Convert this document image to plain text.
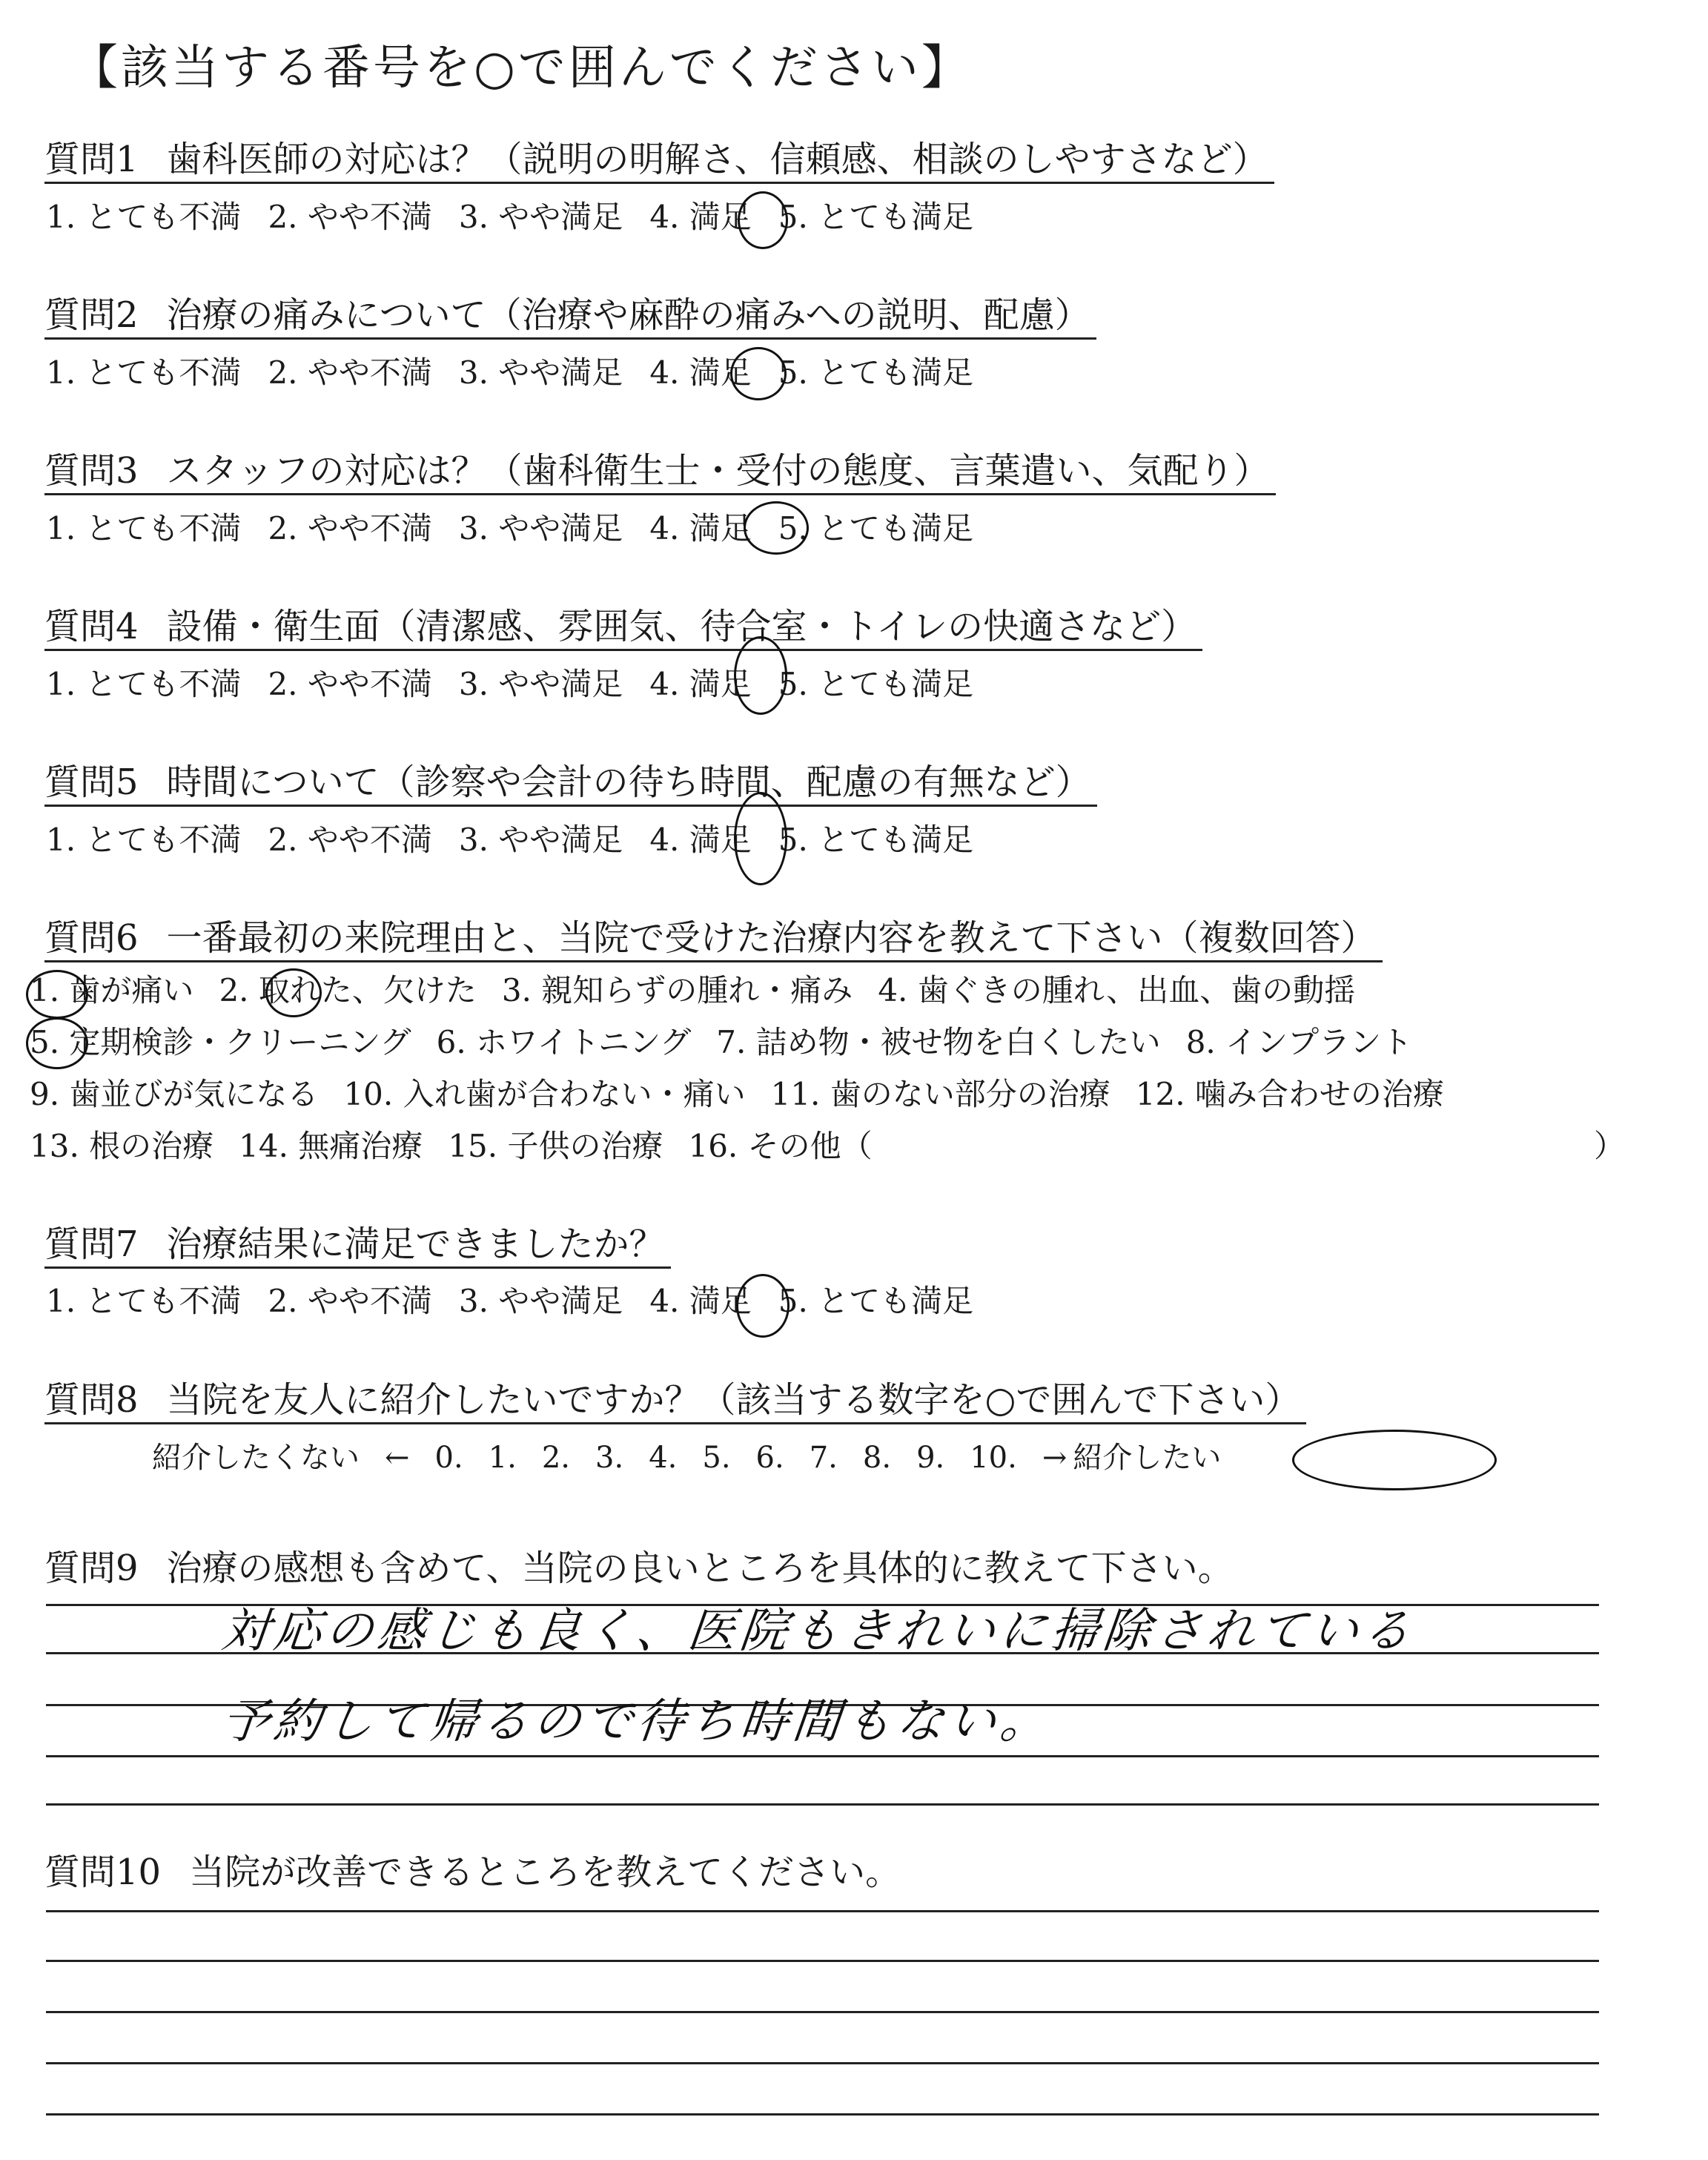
【該当する番号を○で囲んでください】
質問1 歯科医師の対応は？（説明の明解さ、信頼感、相談のしやすさなど）
1. とても不満 2. やや不満 3. やや満足 4. 満足 5. とても満足
質問2 治療の痛みについて（治療や麻酔の痛みへの説明、配慮）
1. とても不満 2. やや不満 3. やや満足 4. 満足 5. とても満足
質問3 スタッフの対応は？（歯科衛生士・受付の態度、言葉遣い、気配り）
1. とても不満 2. やや不満 3. やや満足 4. 満足 5. とても満足
質問4 設備・衛生面（清潔感、雰囲気、待合室・トイレの快適さなど）
1. とても不満 2. やや不満 3. やや満足 4. 満足 5. とても満足
質問5 時間について（診察や会計の待ち時間、配慮の有無など）
1. とても不満 2. やや不満 3. やや満足 4. 満足 5. とても満足
質問6 一番最初の来院理由と、当院で受けた治療内容を教えて下さい（複数回答）
1. 歯が痛い 2. 取れた、欠けた 3. 親知らずの腫れ・痛み 4. 歯ぐきの腫れ、出血、歯の動揺
5. 定期検診・クリーニング 6. ホワイトニング 7. 詰め物・被せ物を白くしたい 8. インプラント
9. 歯並びが気になる 10. 入れ歯が合わない・痛い 11. 歯のない部分の治療 12. 噛み合わせの治療
13. 根の治療 14. 無痛治療 15. 子供の治療 16. その他（	）
質問7 治療結果に満足できましたか？
1. とても不満 2. やや不満 3. やや満足 4. 満足 5. とても満足
質問8 当院を友人に紹介したいですか？（該当する数字を○で囲んで下さい）
紹介したくない ← 0. 1. 2. 3. 4. 5. 6. 7. 8. 9. 10. → 紹介したい
質問9 治療の感想も含めて、当院の良いところを具体的に教えて下さい。
対応の感じも良く、医院もきれいに掃除されている
予約して帰るので待ち時間もない。
質問10 当院が改善できるところを教えてください。
